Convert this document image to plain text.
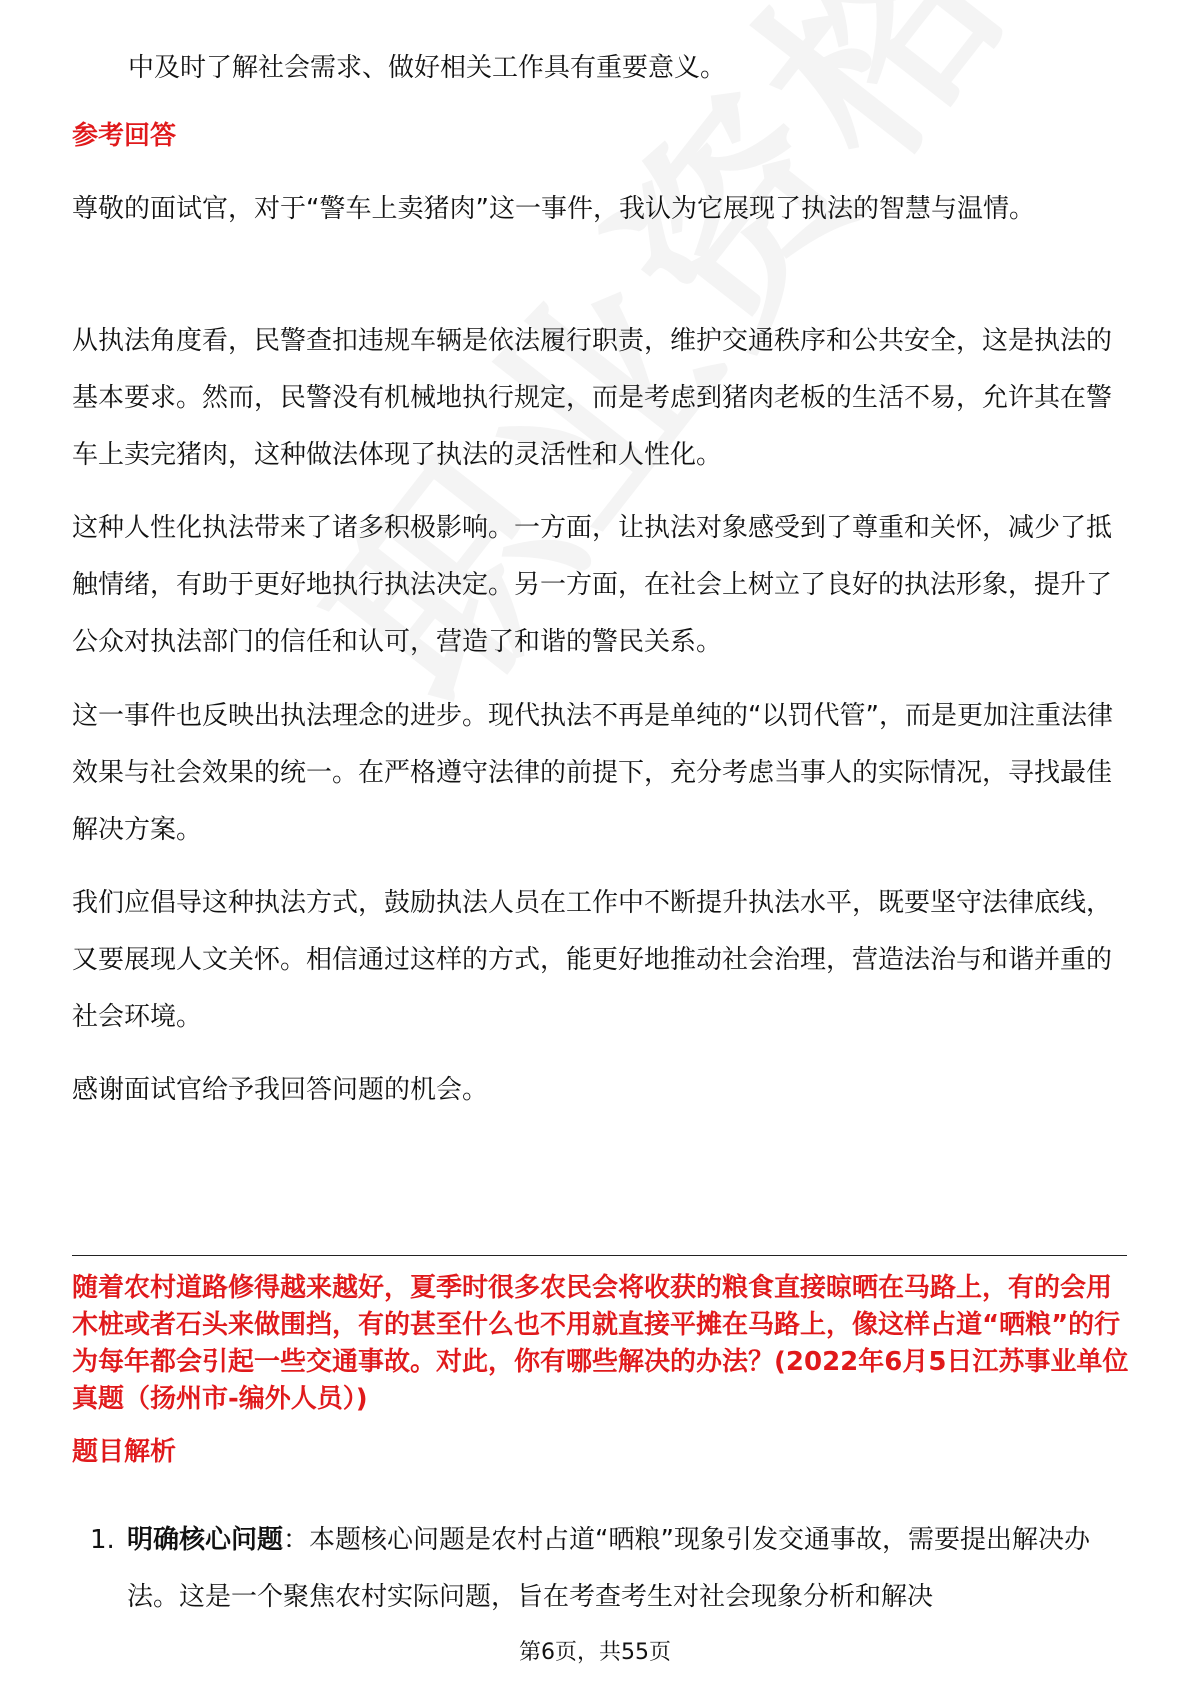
中及时了解社会需求、做好相关工作具有重要意义。

参考回答

尊敬的面试官，对于“警车上卖猪肉”这一事件，我认为它展现了执法的智慧与温情。

从执法角度看，民警查扣违规车辆是依法履行职责，维护交通秩序和公共安全，这是执法的基本要求。然而，民警没有机械地执行规定，而是考虑到猪肉老板的生活不易，允许其在警车上卖完猪肉，这种做法体现了执法的灵活性和人性化。

这种人性化执法带来了诸多积极影响。一方面，让执法对象感受到了尊重和关怀，减少了抵触情绪，有助于更好地执行执法决定。另一方面，在社会上树立了良好的执法形象，提升了公众对执法部门的信任和认可，营造了和谐的警民关系。

这一事件也反映出执法理念的进步。现代执法不再是单纯的“以罚代管”，而是更加注重法律效果与社会效果的统一。在严格遵守法律的前提下，充分考虑当事人的实际情况，寻找最佳解决方案。

我们应倡导这种执法方式，鼓励执法人员在工作中不断提升执法水平，既要坚守法律底线，又要展现人文关怀。相信通过这样的方式，能更好地推动社会治理，营造法治与和谐并重的社会环境。

感谢面试官给予我回答问题的机会。

随着农村道路修得越来越好，夏季时很多农民会将收获的粮食直接晾晒在马路上，有的会用木桩或者石头来做围挡，有的甚至什么也不用就直接平摊在马路上，像这样占道“晒粮”的行为每年都会引起一些交通事故。对此，你有哪些解决的办法？(2022年6月5日江苏事业单位真题（扬州市-编外人员）)

题目解析
1. 明确核心问题：本题核心问题是农村占道“晒粮”现象引发交通事故，需要提出解决办法。这是一个聚焦农村实际问题，旨在考查考生对社会现象分析和解决

第6页，共55页
